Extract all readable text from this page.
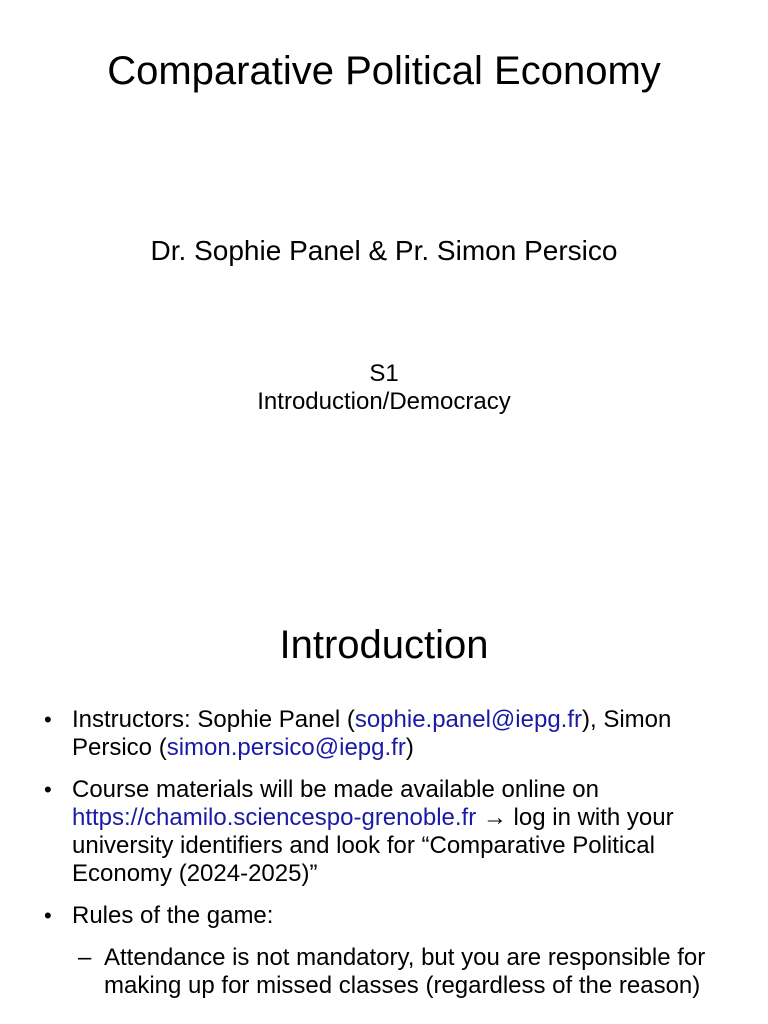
Comparative Political Economy
Dr. Sophie Panel & Pr. Simon Persico
S1
Introduction/Democracy
Introduction
• Instructors: Sophie Panel (sophie.panel@iepg.fr), Simon Persico (simon.persico@iepg.fr)
• Course materials will be made available online on https://chamilo.sciencespo-grenoble.fr → log in with your university identifiers and look for “Comparative Political Economy (2024-2025)”
• Rules of the game:
– Attendance is not mandatory, but you are responsible for making up for missed classes (regardless of the reason)
